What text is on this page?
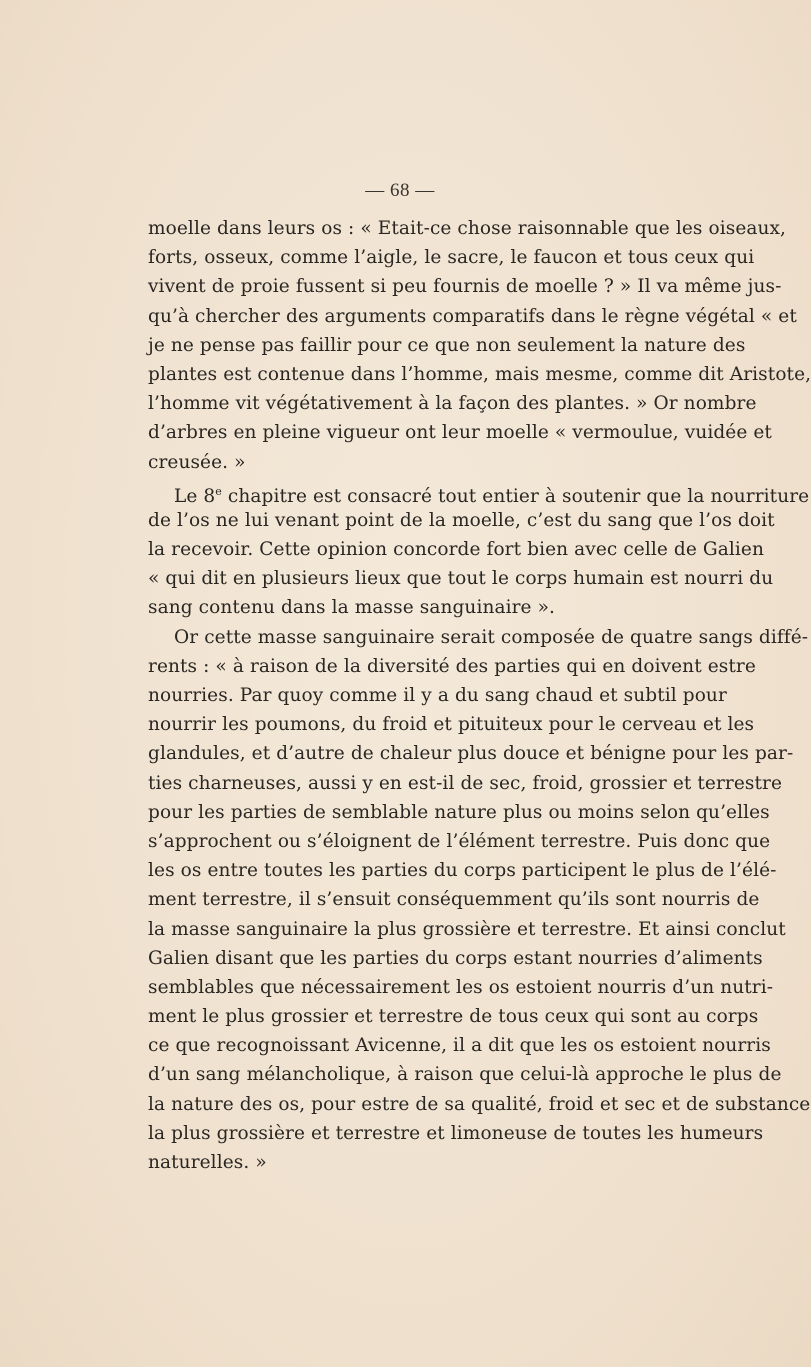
— 68 —
moelle dans leurs os : « Etait-ce chose raisonnable que les oiseaux,
forts, osseux, comme l’aigle, le sacre, le faucon et tous ceux qui
vivent de proie fussent si peu fournis de moelle ? » Il va même jus-
qu’à chercher des arguments comparatifs dans le règne végétal « et
je ne pense pas faillir pour ce que non seulement la nature des
plantes est contenue dans l’homme, mais mesme, comme dit Aristote,
l’homme vit végétativement à la façon des plantes. » Or nombre
d’arbres en pleine vigueur ont leur moelle « vermoulue, vuidée et
creusée. »
Le 8e chapitre est consacré tout entier à soutenir que la nourriture
de l’os ne lui venant point de la moelle, c’est du sang que l’os doit
la recevoir. Cette opinion concorde fort bien avec celle de Galien
« qui dit en plusieurs lieux que tout le corps humain est nourri du
sang contenu dans la masse sanguinaire ».
Or cette masse sanguinaire serait composée de quatre sangs diffé-
rents : « à raison de la diversité des parties qui en doivent estre
nourries. Par quoy comme il y a du sang chaud et subtil pour
nourrir les poumons, du froid et pituiteux pour le cerveau et les
glandules, et d’autre de chaleur plus douce et bénigne pour les par-
ties charneuses, aussi y en est-il de sec, froid, grossier et terrestre
pour les parties de semblable nature plus ou moins selon qu’elles
s’approchent ou s’éloignent de l’élément terrestre. Puis donc que
les os entre toutes les parties du corps participent le plus de l’élé-
ment terrestre, il s’ensuit conséquemment qu’ils sont nourris de
la masse sanguinaire la plus grossière et terrestre. Et ainsi conclut
Galien disant que les parties du corps estant nourries d’aliments
semblables que nécessairement les os estoient nourris d’un nutri-
ment le plus grossier et terrestre de tous ceux qui sont au corps
ce que recognoissant Avicenne, il a dit que les os estoient nourris
d’un sang mélancholique, à raison que celui-là approche le plus de
la nature des os, pour estre de sa qualité, froid et sec et de substance
la plus grossière et terrestre et limoneuse de toutes les humeurs
naturelles. »
